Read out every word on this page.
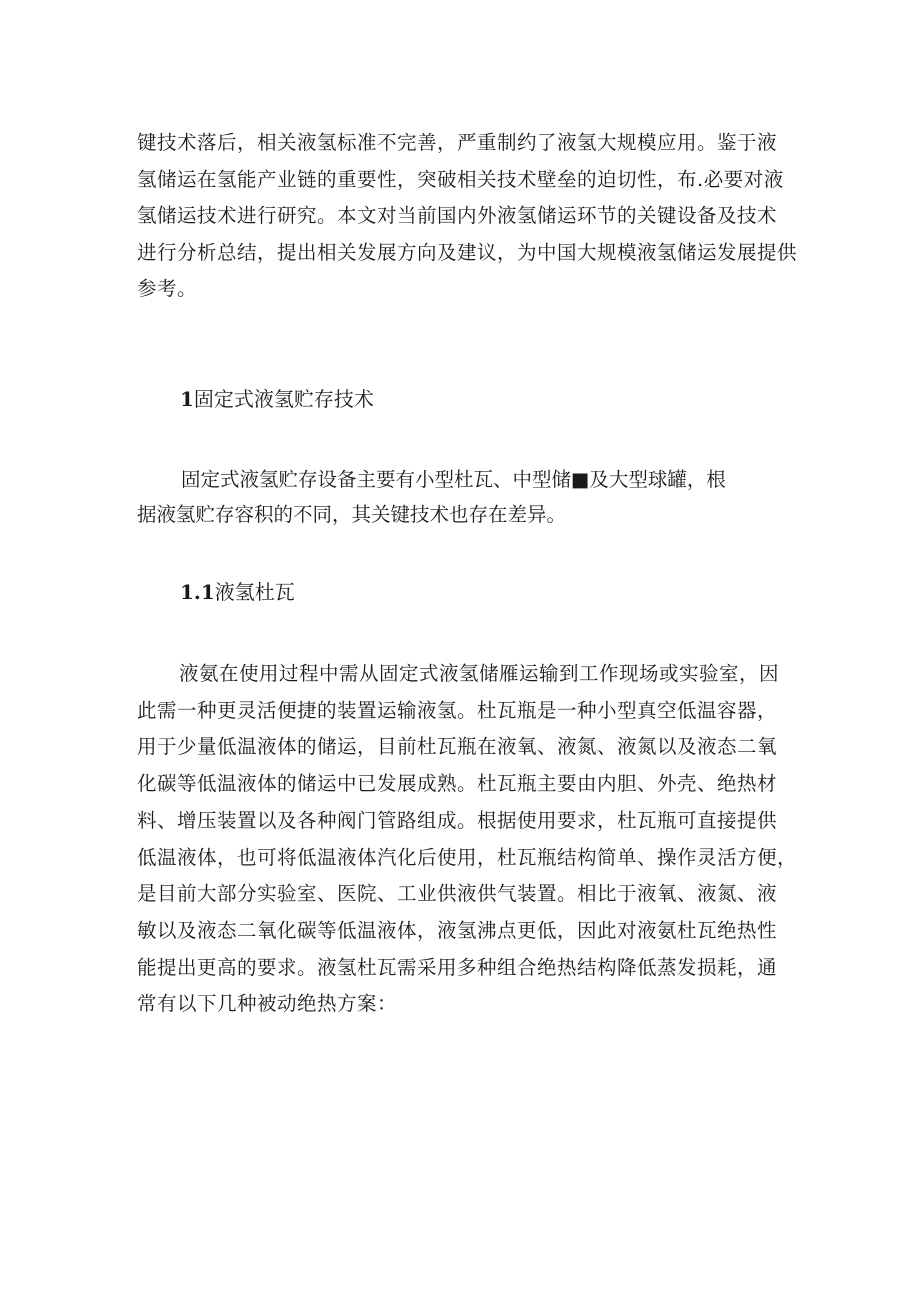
键技术落后，相关液氢标准不完善，严重制约了液氢大规模应用。鉴于液
氢储运在氢能产业链的重要性，突破相关技术壁垒的迫切性，布.必要对液
氢储运技术进行研究。本文对当前国内外液氢储运环节的关键设备及技术
进行分析总结，提出相关发展方向及建议，为中国大规模液氢储运发展提供
参考。

1固定式液氢贮存技术

固定式液氢贮存设备主要有小型杜瓦、中型储■及大型球罐，根
据液氢贮存容积的不同，其关键技术也存在差异。

1.1液氢杜瓦

液氨在使用过程中需从固定式液氢储雁运输到工作现场或实验室，因
此需一种更灵活便捷的装置运输液氢。杜瓦瓶是一种小型真空低温容器，
用于少量低温液体的储运，目前杜瓦瓶在液氧、液氮、液氮以及液态二氧
化碳等低温液体的储运中已发展成熟。杜瓦瓶主要由内胆、外壳、绝热材
料、增压装置以及各种阀门管路组成。根据使用要求，杜瓦瓶可直接提供
低温液体，也可将低温液体汽化后使用，杜瓦瓶结构简单、操作灵活方便，
是目前大部分实验室、医院、工业供液供气装置。相比于液氧、液氮、液
敏以及液态二氧化碳等低温液体，液氢沸点更低，因此对液氨杜瓦绝热性
能提出更高的要求。液氢杜瓦需采用多种组合绝热结构降低蒸发损耗，通
常有以下几种被动绝热方案：
